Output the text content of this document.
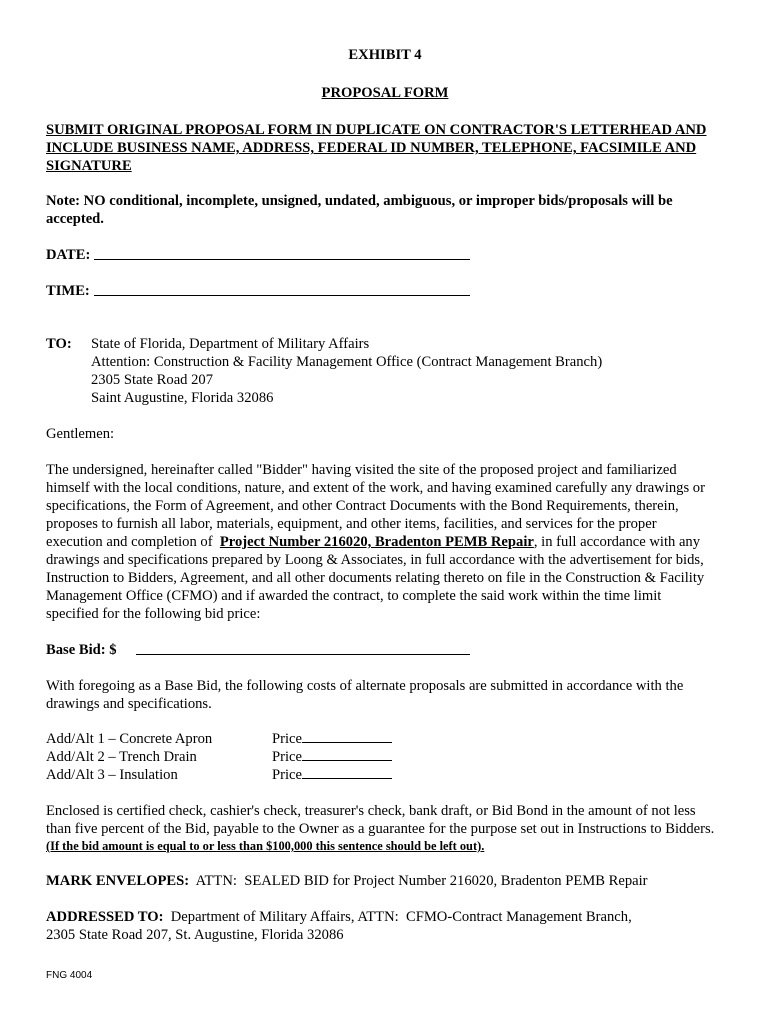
EXHIBIT 4
PROPOSAL FORM
SUBMIT ORIGINAL PROPOSAL FORM IN DUPLICATE ON CONTRACTOR'S LETTERHEAD AND
INCLUDE BUSINESS NAME, ADDRESS, FEDERAL ID NUMBER, TELEPHONE, FACSIMILE AND
SIGNATURE
Note: NO conditional, incomplete, unsigned, undated, ambiguous, or improper bids/proposals will be
accepted.
DATE:
TIME:
TO: State of Florida, Department of Military Affairs
Attention: Construction & Facility Management Office (Contract Management Branch)
2305 State Road 207
Saint Augustine, Florida 32086
Gentlemen:
The undersigned, hereinafter called "Bidder" having visited the site of the proposed project and familiarized
himself with the local conditions, nature, and extent of the work, and having examined carefully any drawings or
specifications, the Form of Agreement, and other Contract Documents with the Bond Requirements, therein,
proposes to furnish all labor, materials, equipment, and other items, facilities, and services for the proper
execution and completion of  Project Number 216020, Bradenton PEMB Repair, in full accordance with any
drawings and specifications prepared by Loong & Associates, in full accordance with the advertisement for bids,
Instruction to Bidders, Agreement, and all other documents relating thereto on file in the Construction & Facility
Management Office (CFMO) and if awarded the contract, to complete the said work within the time limit
specified for the following bid price:
Base Bid: $
With foregoing as a Base Bid, the following costs of alternate proposals are submitted in accordance with the
drawings and specifications.
Add/Alt 1 – Concrete Apron	Price
Add/Alt 2 – Trench Drain	Price
Add/Alt 3 – Insulation	Price
Enclosed is certified check, cashier's check, treasurer's check, bank draft, or Bid Bond in the amount of not less
than five percent of the Bid, payable to the Owner as a guarantee for the purpose set out in Instructions to Bidders.
(If the bid amount is equal to or less than $100,000 this sentence should be left out).
MARK ENVELOPES:  ATTN:  SEALED BID for Project Number 216020, Bradenton PEMB Repair
ADDRESSED TO:  Department of Military Affairs, ATTN:  CFMO-Contract Management Branch,
2305 State Road 207, St. Augustine, Florida 32086
FNG 4004
